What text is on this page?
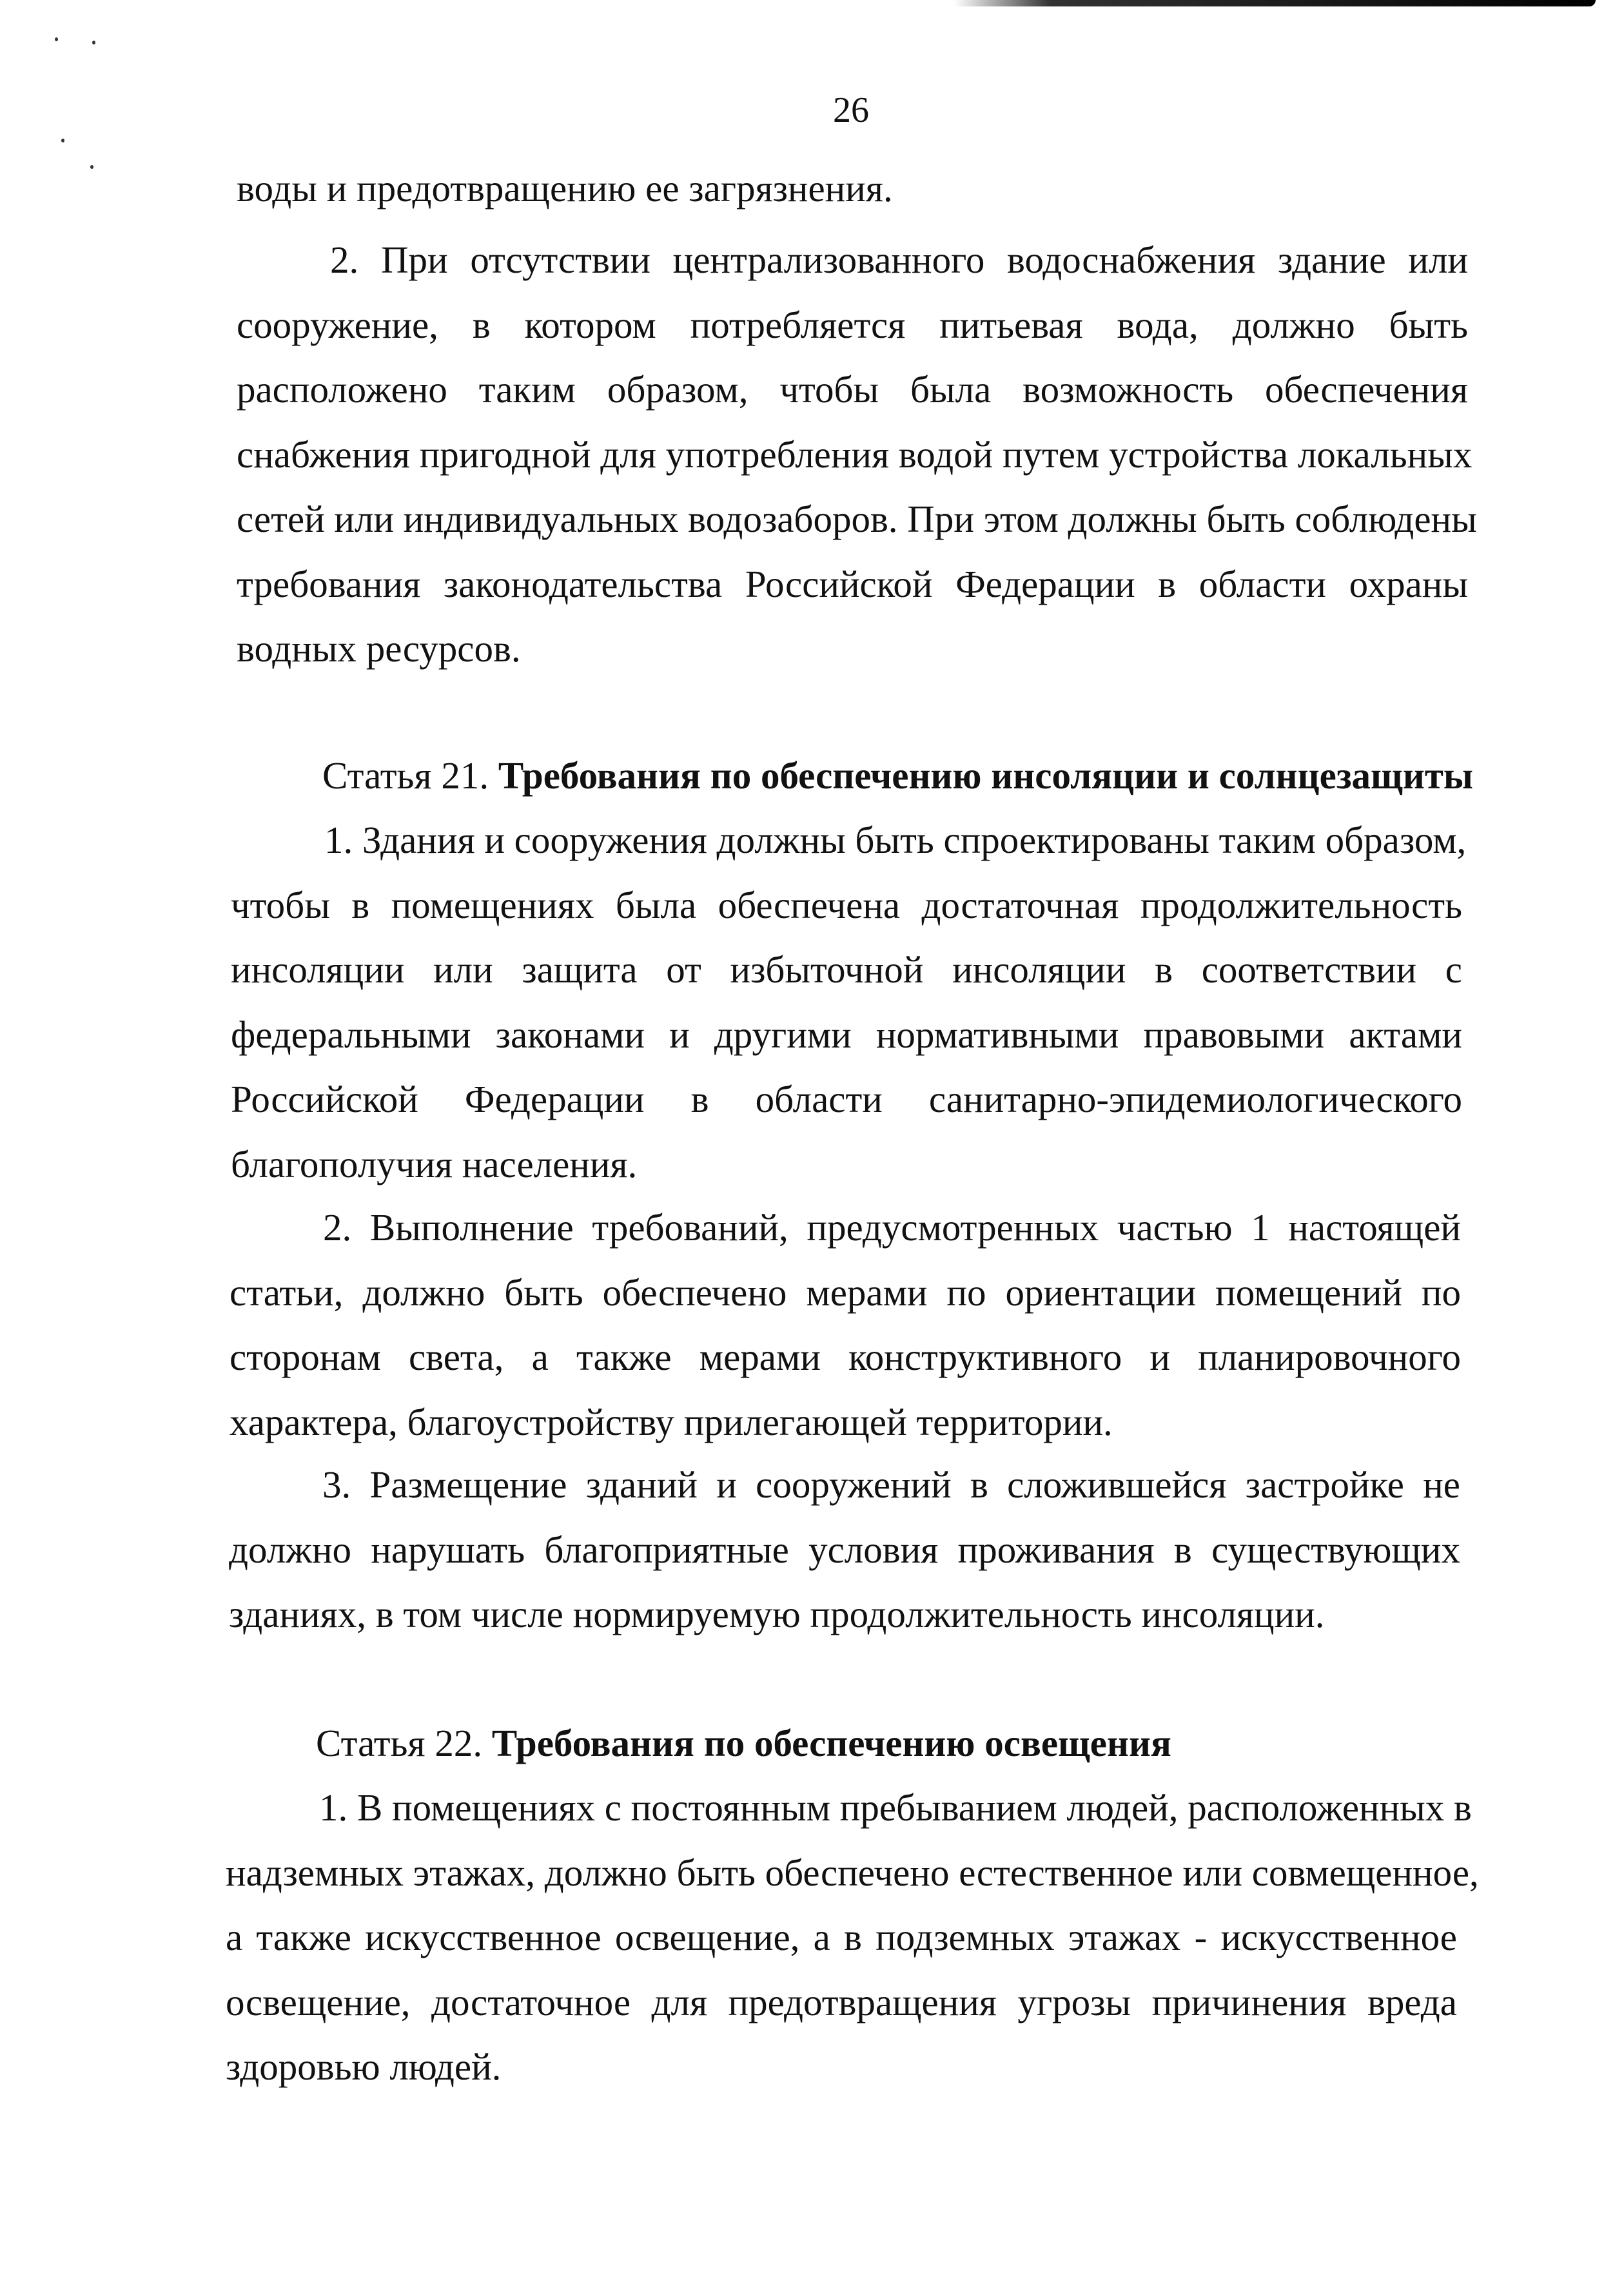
26
воды и предотвращению ее загрязнения.
2. При отсутствии централизованного водоснабжения здание или
сооружение, в котором потребляется питьевая вода, должно быть
расположено таким образом, чтобы была возможность обеспечения
снабжения пригодной для употребления водой путем устройства локальных
сетей или индивидуальных водозаборов. При этом должны быть соблюдены
требования законодательства Российской Федерации в области охраны
водных ресурсов.
Статья 21. Требования по обеспечению инсоляции и солнцезащиты
1. Здания и сооружения должны быть спроектированы таким образом,
чтобы в помещениях была обеспечена достаточная продолжительность
инсоляции или защита от избыточной инсоляции в соответствии с
федеральными законами и другими нормативными правовыми актами
Российской Федерации в области санитарно-эпидемиологического
благополучия населения.
2. Выполнение требований, предусмотренных частью 1 настоящей
статьи, должно быть обеспечено мерами по ориентации помещений по
сторонам света, а также мерами конструктивного и планировочного
характера, благоустройству прилегающей территории.
3. Размещение зданий и сооружений в сложившейся застройке не
должно нарушать благоприятные условия проживания в существующих
зданиях, в том числе нормируемую продолжительность инсоляции.
Статья 22. Требования по обеспечению освещения
1. В помещениях с постоянным пребыванием людей, расположенных в
надземных этажах, должно быть обеспечено естественное или совмещенное,
а также искусственное освещение, а в подземных этажах - искусственное
освещение, достаточное для предотвращения угрозы причинения вреда
здоровью людей.
